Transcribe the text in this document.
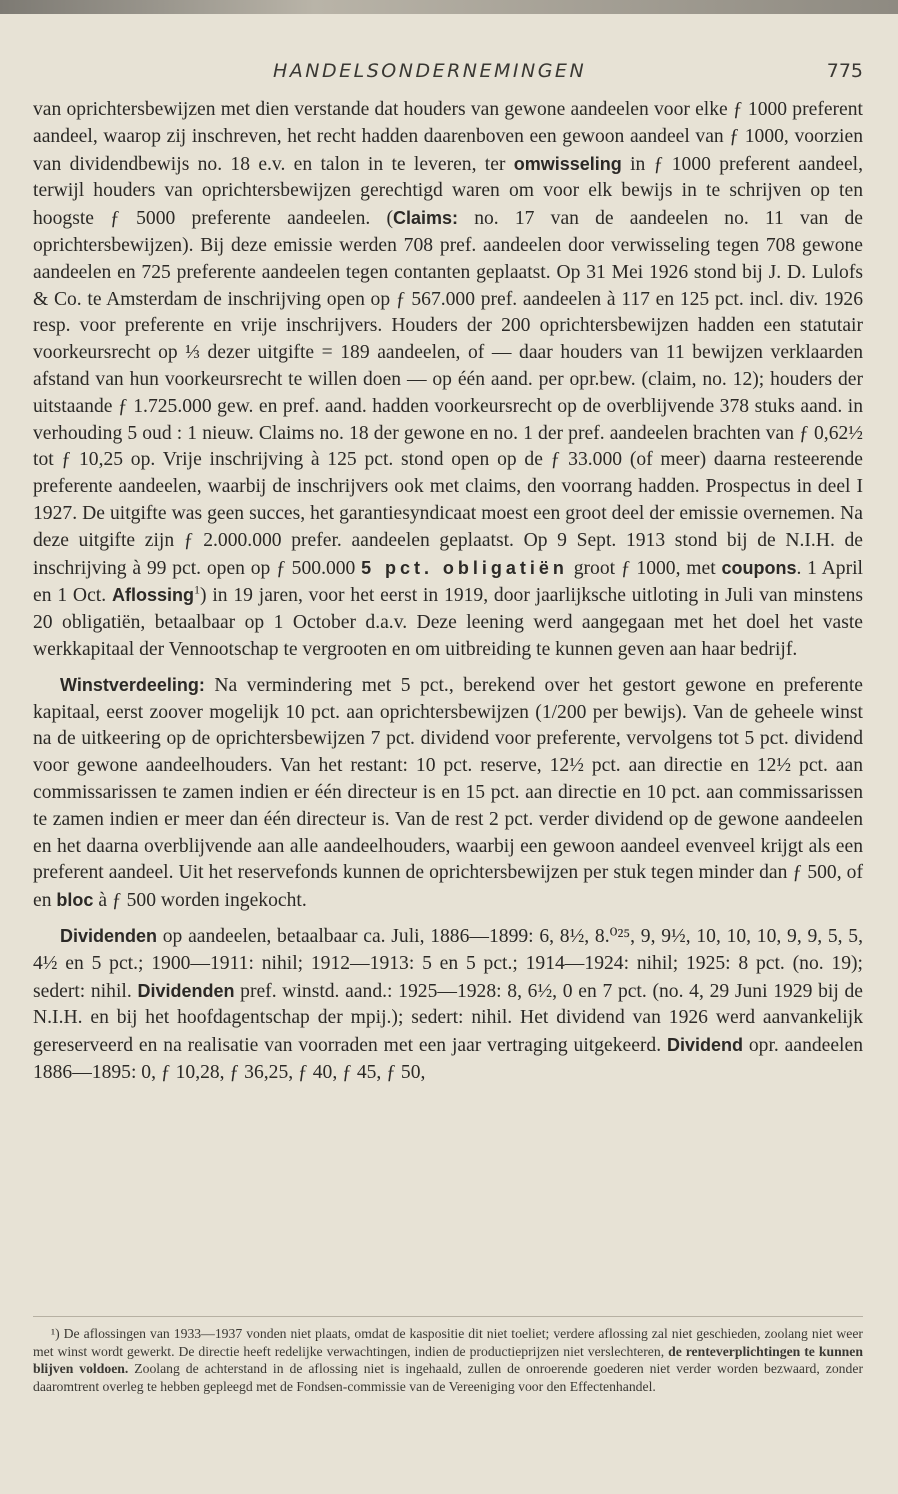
HANDELSONDERNEMINGEN	775

van oprichtersbewijzen met dien verstande dat houders van gewone aandeelen voor elke ƒ 1000 preferent aandeel, waarop zij inschreven, het recht hadden daarenboven een gewoon aandeel van ƒ 1000, voorzien van dividendbewijs no. 18 e.v. en talon in te leveren, ter omwisseling in ƒ 1000 preferent aandeel, terwijl houders van oprichtersbewijzen gerechtigd waren om voor elk bewijs in te schrijven op ten hoogste ƒ 5000 preferente aandeelen. (Claims: no. 17 van de aandeelen no. 11 van de oprichtersbewijzen). Bij deze emissie werden 708 pref. aandeelen door verwisseling tegen 708 gewone aandeelen en 725 preferente aandeelen tegen contanten geplaatst. Op 31 Mei 1926 stond bij J. D. Lulofs & Co. te Amsterdam de inschrijving open op ƒ 567.000 pref. aandeelen à 117 en 125 pct. incl. div. 1926 resp. voor preferente en vrije inschrijvers. Houders der 200 oprichtersbewijzen hadden een statutair voorkeursrecht op ⅓ dezer uitgifte = 189 aandeelen, of — daar houders van 11 bewijzen verklaarden afstand van hun voorkeursrecht te willen doen — op één aand. per opr.bew. (claim, no. 12); houders der uitstaande ƒ 1.725.000 gew. en pref. aand. hadden voorkeursrecht op de overblijvende 378 stuks aand. in verhouding 5 oud : 1 nieuw. Claims no. 18 der gewone en no. 1 der pref. aandeelen brachten van ƒ 0,62½ tot ƒ 10,25 op. Vrije inschrijving à 125 pct. stond open op de ƒ 33.000 (of meer) daarna resteerende preferente aandeelen, waarbij de inschrijvers ook met claims, den voorrang hadden. Prospectus in deel I 1927. De uitgifte was geen succes, het garantiesyndicaat moest een groot deel der emissie overnemen. Na deze uitgifte zijn ƒ 2.000.000 prefer. aandeelen geplaatst. Op 9 Sept. 1913 stond bij de N.I.H. de inschrijving à 99 pct. open op ƒ 500.000 5 pct. obligatiën groot ƒ 1000, met coupons. 1 April en 1 Oct. Aflossing$^1$) in 19 jaren, voor het eerst in 1919, door jaarlijksche uitloting in Juli van minstens 20 obligatiën, betaalbaar op 1 October d.a.v. Deze leening werd aangegaan met het doel het vaste werkkapitaal der Vennootschap te vergrooten en om uitbreiding te kunnen geven aan haar bedrijf.

Winstverdeeling: Na vermindering met 5 pct., berekend over het gestort gewone en preferente kapitaal, eerst zoover mogelijk 10 pct. aan oprichtersbewijzen (1/200 per bewijs). Van de geheele winst na de uitkeering op de oprichtersbewijzen 7 pct. dividend voor preferente, vervolgens tot 5 pct. dividend voor gewone aandeelhouders. Van het restant: 10 pct. reserve, 12½ pct. aan directie en 12½ pct. aan commissarissen te zamen indien er één directeur is en 15 pct. aan directie en 10 pct. aan commissarissen te zamen indien er meer dan één directeur is. Van de rest 2 pct. verder dividend op de gewone aandeelen en het daarna overblijvende aan alle aandeelhouders, waarbij een gewoon aandeel evenveel krijgt als een preferent aandeel. Uit het reservefonds kunnen de oprichtersbewijzen per stuk tegen minder dan ƒ 500, of en bloc à ƒ 500 worden ingekocht.

Dividenden op aandeelen, betaalbaar ca. Juli, 1886—1899: 6, 8½, 8.⁰²⁵, 9, 9½, 10, 10, 10, 9, 9, 5, 5, 4½ en 5 pct.; 1900—1911: nihil; 1912—1913: 5 en 5 pct.; 1914—1924: nihil; 1925: 8 pct. (no. 19); sedert: nihil. Dividenden pref. winstd. aand.: 1925—1928: 8, 6½, 0 en 7 pct. (no. 4, 29 Juni 1929 bij de N.I.H. en bij het hoofdagentschap der mpij.); sedert: nihil. Het dividend van 1926 werd aanvankelijk gereserveerd en na realisatie van voorraden met een jaar vertraging uitgekeerd. Dividend opr. aandeelen 1886—1895: 0, ƒ 10,28, ƒ 36,25, ƒ 40, ƒ 45, ƒ 50,

¹) De aflossingen van 1933—1937 vonden niet plaats, omdat de kaspositie dit niet toeliet; verdere aflossing zal niet geschieden, zoolang niet weer met winst wordt gewerkt. De directie heeft redelijke verwachtingen, indien de productieprijzen niet verslechteren, de renteverplichtingen te kunnen blijven voldoen. Zoolang de achterstand in de aflossing niet is ingehaald, zullen de onroerende goederen niet verder worden bezwaard, zonder daaromtrent overleg te hebben gepleegd met de Fondsen-commissie van de Vereeniging voor den Effectenhandel.
